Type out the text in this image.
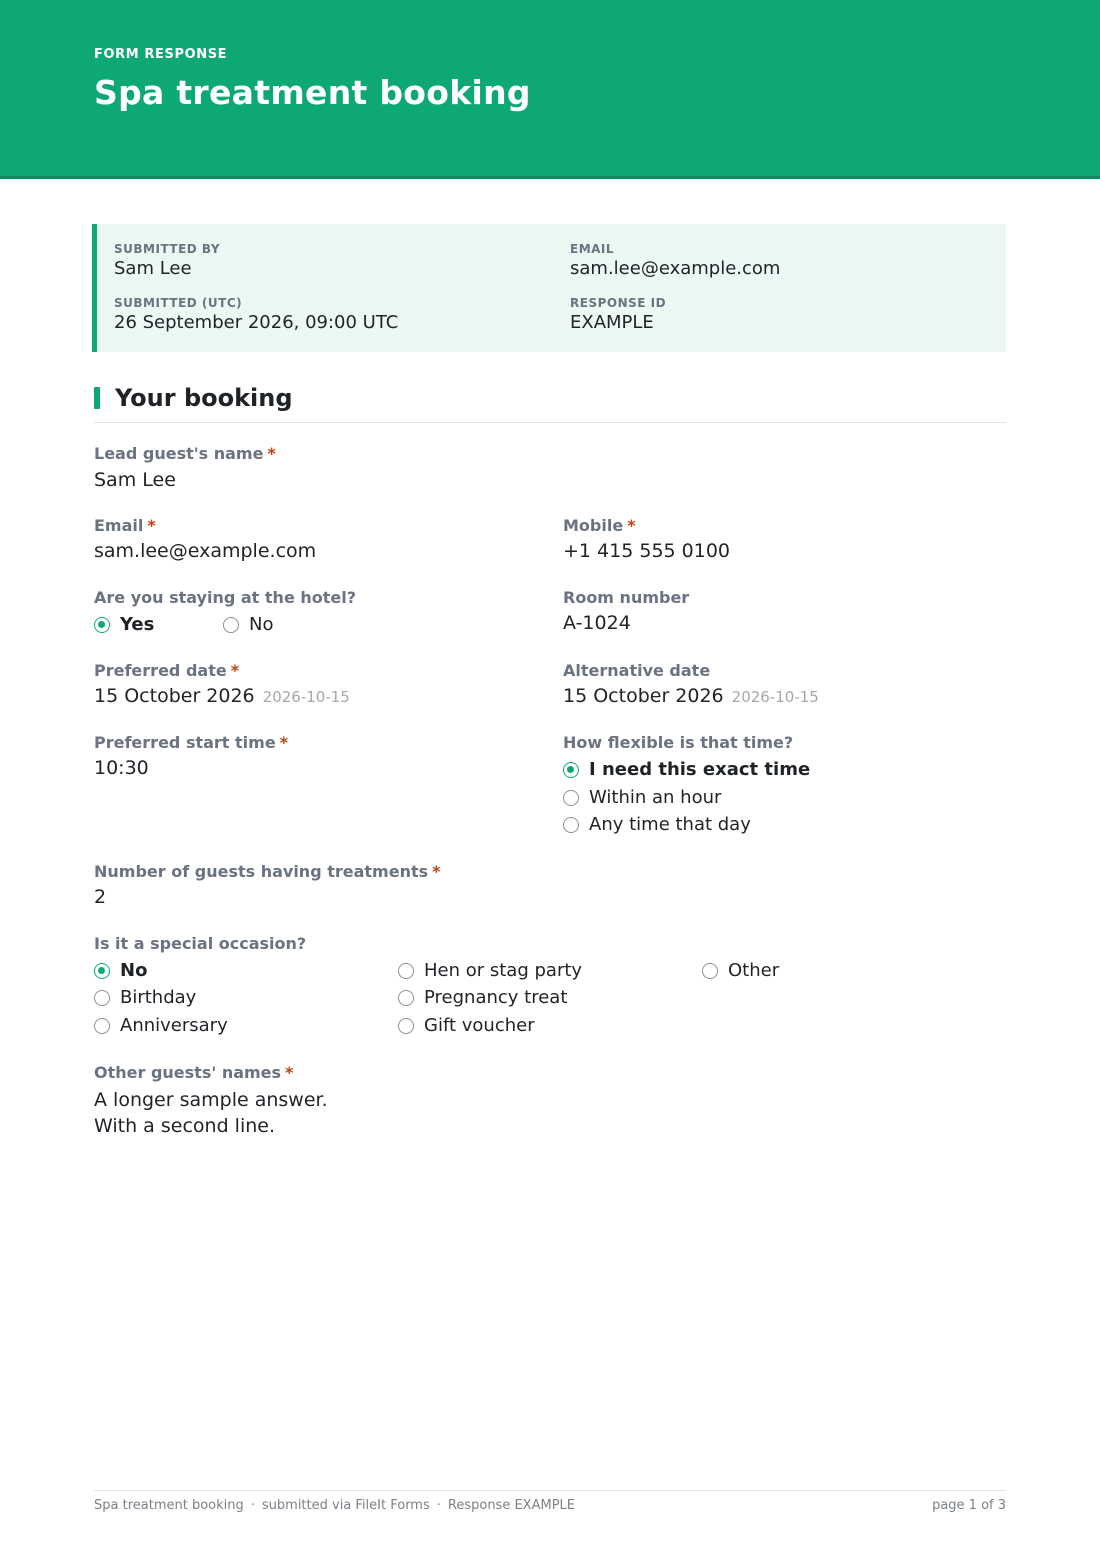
FORM RESPONSE
Spa treatment booking
SUBMITTED BY
Sam Lee
EMAIL
sam.lee@example.com
SUBMITTED (UTC)
26 September 2026, 09:00 UTC
RESPONSE ID
EXAMPLE
Your booking
Lead guest's name *
Sam Lee
Email *
sam.lee@example.com
Mobile *
+1 415 555 0100
Are you staying at the hotel?
Yes	No
Room number
A-1024
Preferred date *
15 October 2026 2026-10-15
Alternative date
15 October 2026 2026-10-15
Preferred start time *
10:30
How flexible is that time?
I need this exact time
Within an hour
Any time that day
Number of guests having treatments *
2
Is it a special occasion?
No
Birthday
Anniversary
Hen or stag party
Pregnancy treat
Gift voucher
Other
Other guests' names *
A longer sample answer.
With a second line.
Spa treatment booking · submitted via FileIt Forms · Response EXAMPLE	page 1 of 3
